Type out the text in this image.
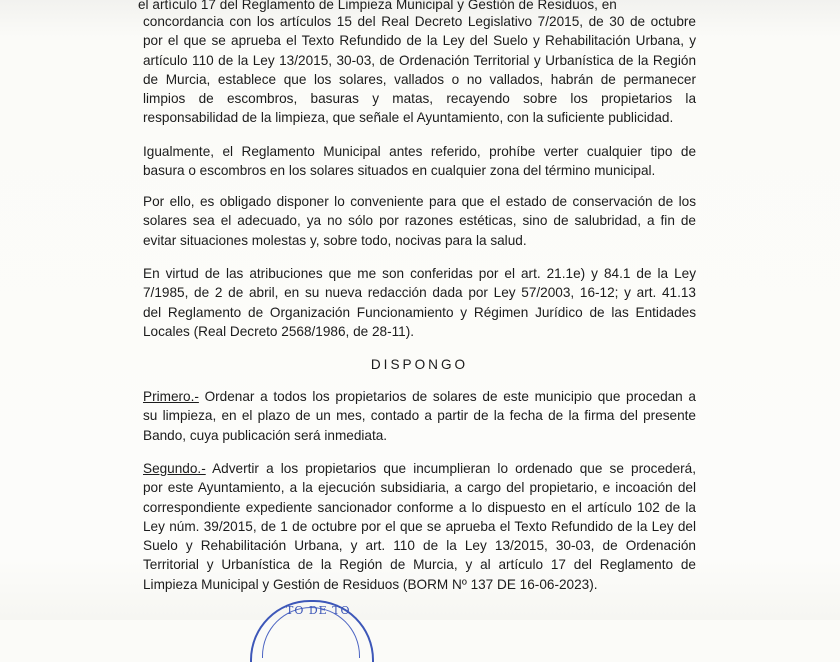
el artículo 17 del Reglamento de Limpieza Municipal y Gestión de Residuos, en

concordancia con los artículos 15 del Real Decreto Legislativo 7/2015, de 30 de octubre
por el que se aprueba el Texto Refundido de la Ley del Suelo y Rehabilitación Urbana, y
artículo 110 de la Ley 13/2015, 30-03, de Ordenación Territorial y Urbanística de la Región
de Murcia, establece que los solares, vallados o no vallados, habrán de permanecer
limpios de escombros, basuras y matas, recayendo sobre los propietarios la
responsabilidad de la limpieza, que señale el Ayuntamiento, con la suficiente publicidad.

Igualmente, el Reglamento Municipal antes referido, prohíbe verter cualquier tipo de
basura o escombros en los solares situados en cualquier zona del término municipal.

Por ello, es obligado disponer lo conveniente para que el estado de conservación de los
solares sea el adecuado, ya no sólo por razones estéticas, sino de salubridad, a fin de
evitar situaciones molestas y, sobre todo, nocivas para la salud.

En virtud de las atribuciones que me son conferidas por el art. 21.1e) y 84.1 de la Ley
7/1985, de 2 de abril, en su nueva redacción dada por Ley 57/2003, 16-12; y art. 41.13
del Reglamento de Organización Funcionamiento y Régimen Jurídico de las Entidades
Locales (Real Decreto 2568/1986, de 28-11).

DISPONGO

Primero.- Ordenar a todos los propietarios de solares de este municipio que procedan a
su limpieza, en el plazo de un mes, contado a partir de la fecha de la firma del presente
Bando, cuya publicación será inmediata.

Segundo.- Advertir a los propietarios que incumplieran lo ordenado que se procederá,
por este Ayuntamiento, a la ejecución subsidiaria, a cargo del propietario, e incoación del
correspondiente expediente sancionador conforme a lo dispuesto en el artículo 102 de la
Ley núm. 39/2015, de 1 de octubre por el que se aprueba el Texto Refundido de la Ley del
Suelo y Rehabilitación Urbana, y art. 110 de la Ley 13/2015, 30-03, de Ordenación
Territorial y Urbanística de la Región de Murcia, y al artículo 17 del Reglamento de
Limpieza Municipal y Gestión de Residuos (BORM Nº 137 DE 16-06-2023).

TO DE TO
